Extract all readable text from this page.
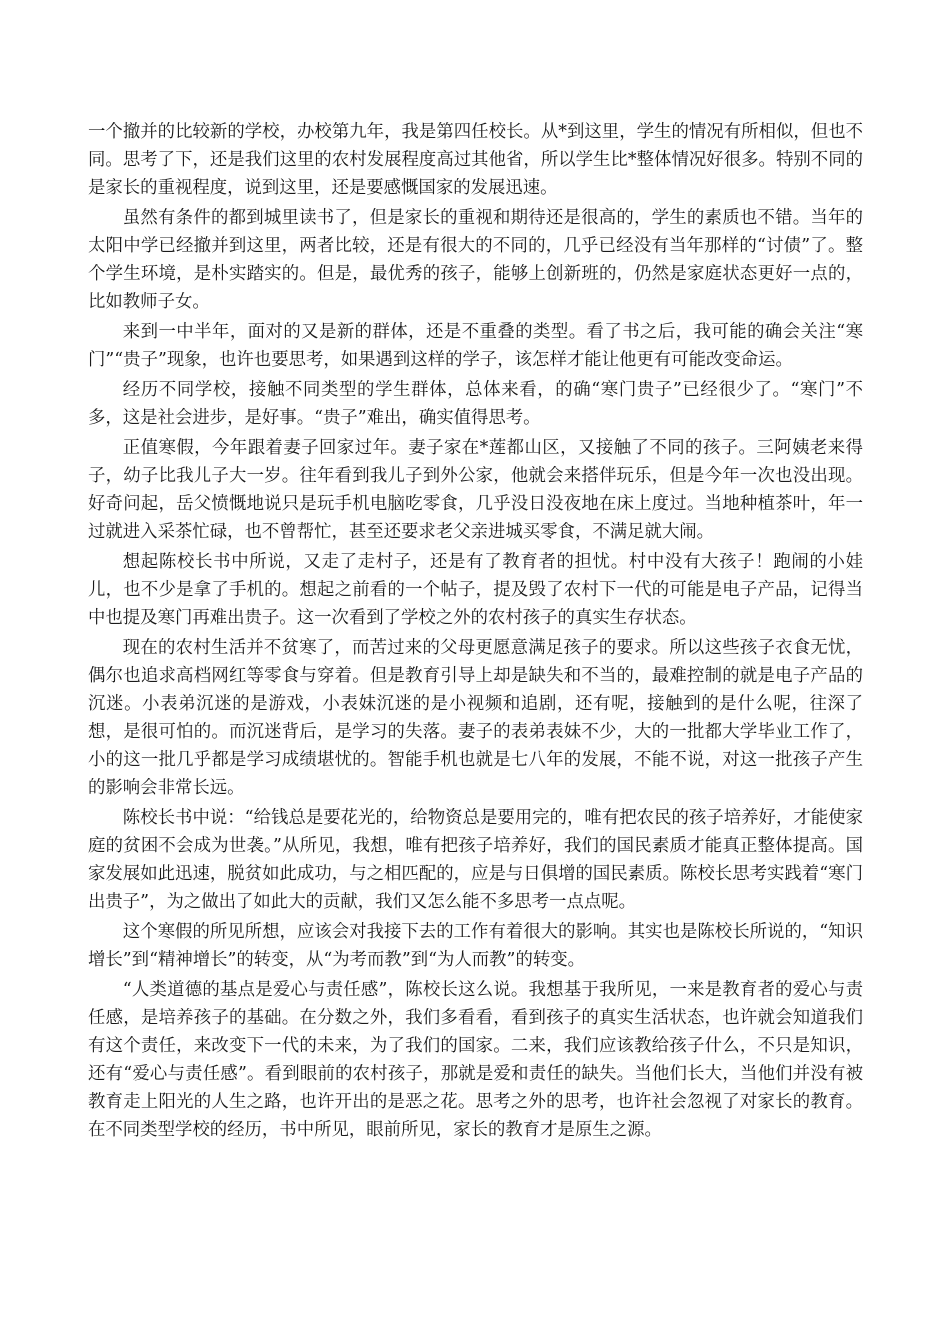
一个撤并的比较新的学校，办校第九年，我是第四任校长。从*到这里，学生的情况有所相似，但也不同。思考了下，还是我们这里的农村发展程度高过其他省，所以学生比*整体情况好很多。特别不同的是家长的重视程度，说到这里，还是要感慨国家的发展迅速。

虽然有条件的都到城里读书了，但是家长的重视和期待还是很高的，学生的素质也不错。当年的太阳中学已经撤并到这里，两者比较，还是有很大的不同的，几乎已经没有当年那样的“讨债”了。整个学生环境，是朴实踏实的。但是，最优秀的孩子，能够上创新班的，仍然是家庭状态更好一点的，比如教师子女。

来到一中半年，面对的又是新的群体，还是不重叠的类型。看了书之后，我可能的确会关注“寒门”“贵子”现象，也许也要思考，如果遇到这样的学子，该怎样才能让他更有可能改变命运。

经历不同学校，接触不同类型的学生群体，总体来看，的确“寒门贵子”已经很少了。“寒门”不多，这是社会进步，是好事。“贵子”难出，确实值得思考。

正值寒假，今年跟着妻子回家过年。妻子家在*莲都山区，又接触了不同的孩子。三阿姨老来得子，幼子比我儿子大一岁。往年看到我儿子到外公家，他就会来搭伴玩乐，但是今年一次也没出现。好奇问起，岳父愤慨地说只是玩手机电脑吃零食，几乎没日没夜地在床上度过。当地种植茶叶，年一过就进入采茶忙碌，也不曾帮忙，甚至还要求老父亲进城买零食，不满足就大闹。

想起陈校长书中所说，又走了走村子，还是有了教育者的担忧。村中没有大孩子！跑闹的小娃儿，也不少是拿了手机的。想起之前看的一个帖子，提及毁了农村下一代的可能是电子产品，记得当中也提及寒门再难出贵子。这一次看到了学校之外的农村孩子的真实生存状态。

现在的农村生活并不贫寒了，而苦过来的父母更愿意满足孩子的要求。所以这些孩子衣食无忧，偶尔也追求高档网红等零食与穿着。但是教育引导上却是缺失和不当的，最难控制的就是电子产品的沉迷。小表弟沉迷的是游戏，小表妹沉迷的是小视频和追剧，还有呢，接触到的是什么呢，往深了想，是很可怕的。而沉迷背后，是学习的失落。妻子的表弟表妹不少，大的一批都大学毕业工作了，小的这一批几乎都是学习成绩堪忧的。智能手机也就是七八年的发展，不能不说，对这一批孩子产生的影响会非常长远。

陈校长书中说：“给钱总是要花光的，给物资总是要用完的，唯有把农民的孩子培养好，才能使家庭的贫困不会成为世袭。”从所见，我想，唯有把孩子培养好，我们的国民素质才能真正整体提高。国家发展如此迅速，脱贫如此成功，与之相匹配的，应是与日俱增的国民素质。陈校长思考实践着“寒门出贵子”，为之做出了如此大的贡献，我们又怎么能不多思考一点点呢。

这个寒假的所见所想，应该会对我接下去的工作有着很大的影响。其实也是陈校长所说的，“知识增长”到“精神增长”的转变，从“为考而教”到“为人而教”的转变。

“人类道德的基点是爱心与责任感”，陈校长这么说。我想基于我所见，一来是教育者的爱心与责任感，是培养孩子的基础。在分数之外，我们多看看，看到孩子的真实生活状态，也许就会知道我们有这个责任，来改变下一代的未来，为了我们的国家。二来，我们应该教给孩子什么，不只是知识，还有“爱心与责任感”。看到眼前的农村孩子，那就是爱和责任的缺失。当他们长大，当他们并没有被教育走上阳光的人生之路，也许开出的是恶之花。思考之外的思考，也许社会忽视了对家长的教育。在不同类型学校的经历，书中所见，眼前所见，家长的教育才是原生之源。
